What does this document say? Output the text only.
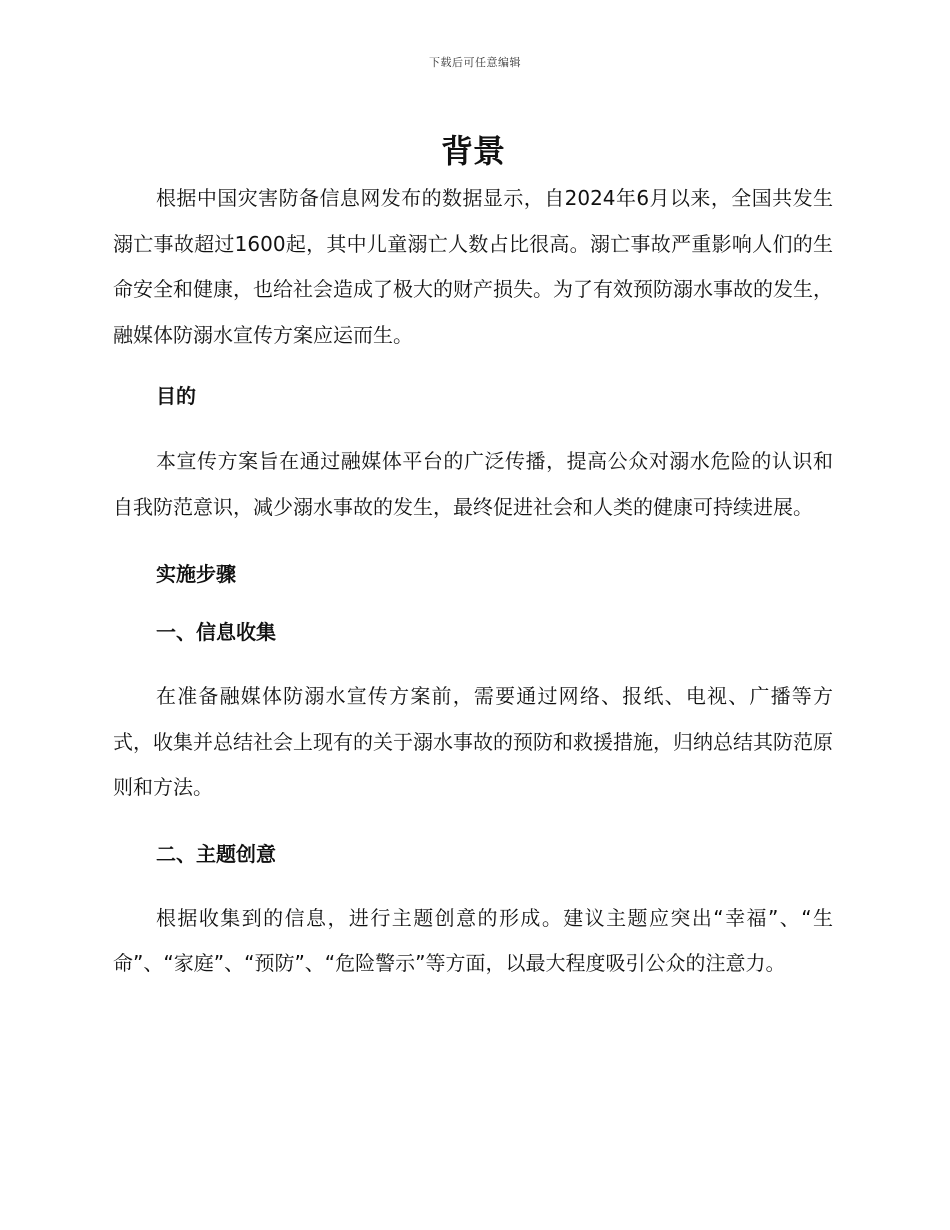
下载后可任意编辑
背景

根据中国灾害防备信息网发布的数据显示，自2024年6月以来，全国共发生溺亡事故超过1600起，其中儿童溺亡人数占比很高。溺亡事故严重影响人们的生命安全和健康，也给社会造成了极大的财产损失。为了有效预防溺水事故的发生，融媒体防溺水宣传方案应运而生。

目的

本宣传方案旨在通过融媒体平台的广泛传播，提高公众对溺水危险的认识和自我防范意识，减少溺水事故的发生，最终促进社会和人类的健康可持续进展。

实施步骤
一、信息收集

在准备融媒体防溺水宣传方案前，需要通过网络、报纸、电视、广播等方式，收集并总结社会上现有的关于溺水事故的预防和救援措施，归纳总结其防范原则和方法。

二、主题创意

根据收集到的信息，进行主题创意的形成。建议主题应突出“幸福”、“生命”、“家庭”、“预防”、“危险警示”等方面，以最大程度吸引公众的注意力。
